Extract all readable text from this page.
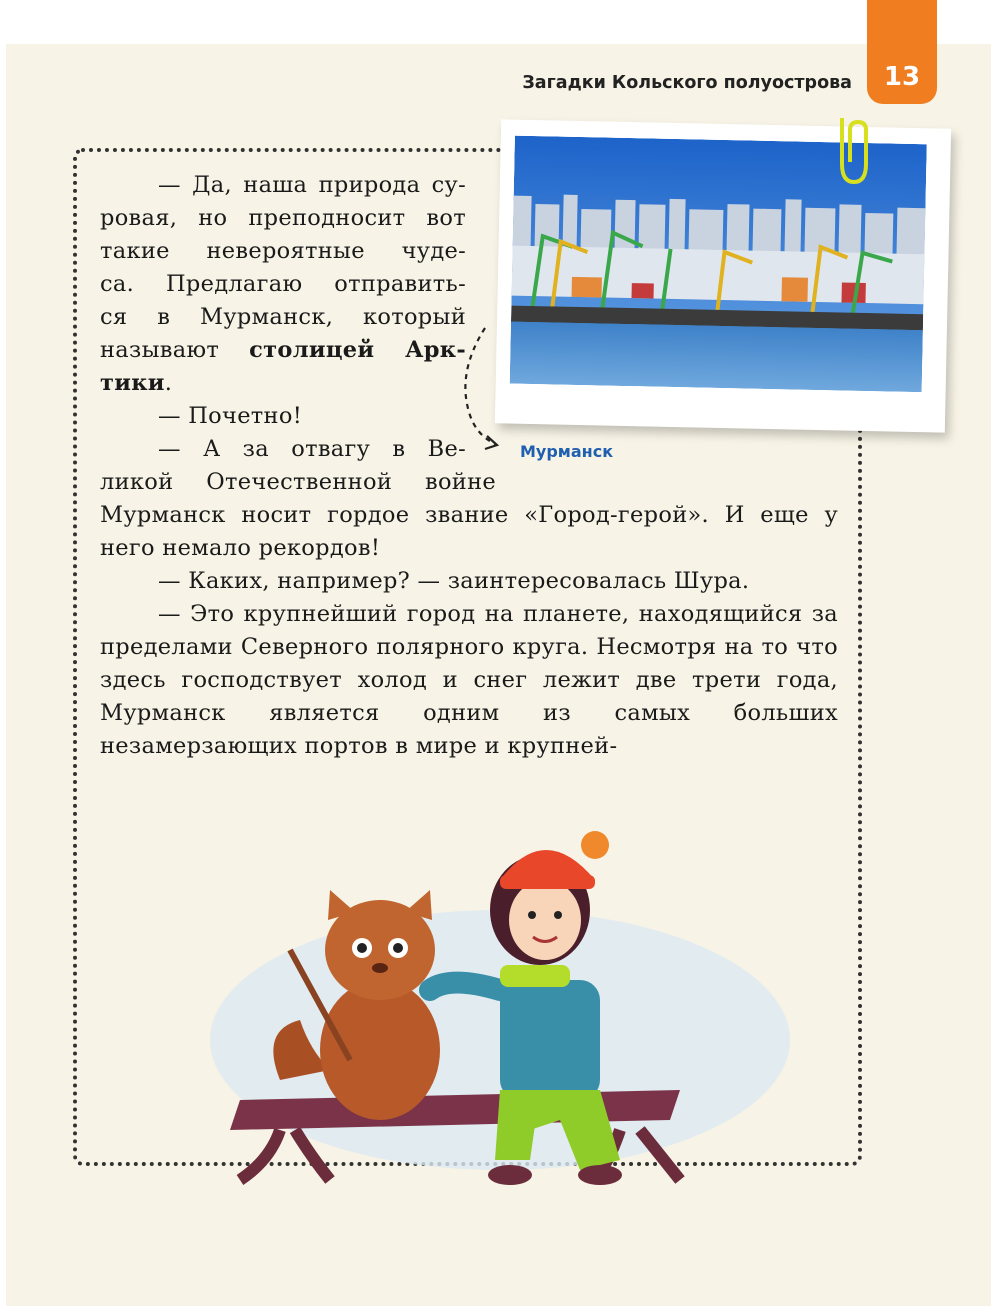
13
Загадки Кольского полуострова
Мурманск
— Да, наша природа су-
ровая, но преподносит вот
такие невероятные чуде-
са. Предлагаю отправить-
ся в Мурманск, который
называют столицей Арк-
тики.
— Почетно!
— А за отвагу в Ве-
ликой Отечественной войне

Мурманск носит гордое звание «Город-герой». И еще у него немало рекордов!

— Каких, например? — заинтересовалась Шура.

— Это крупнейший город на планете, находящийся за пределами Северного полярного круга. Несмотря на то что здесь господствует холод и снег лежит две трети года, Мурманск является одним из самых больших незамерзающих портов в мире и крупней-
